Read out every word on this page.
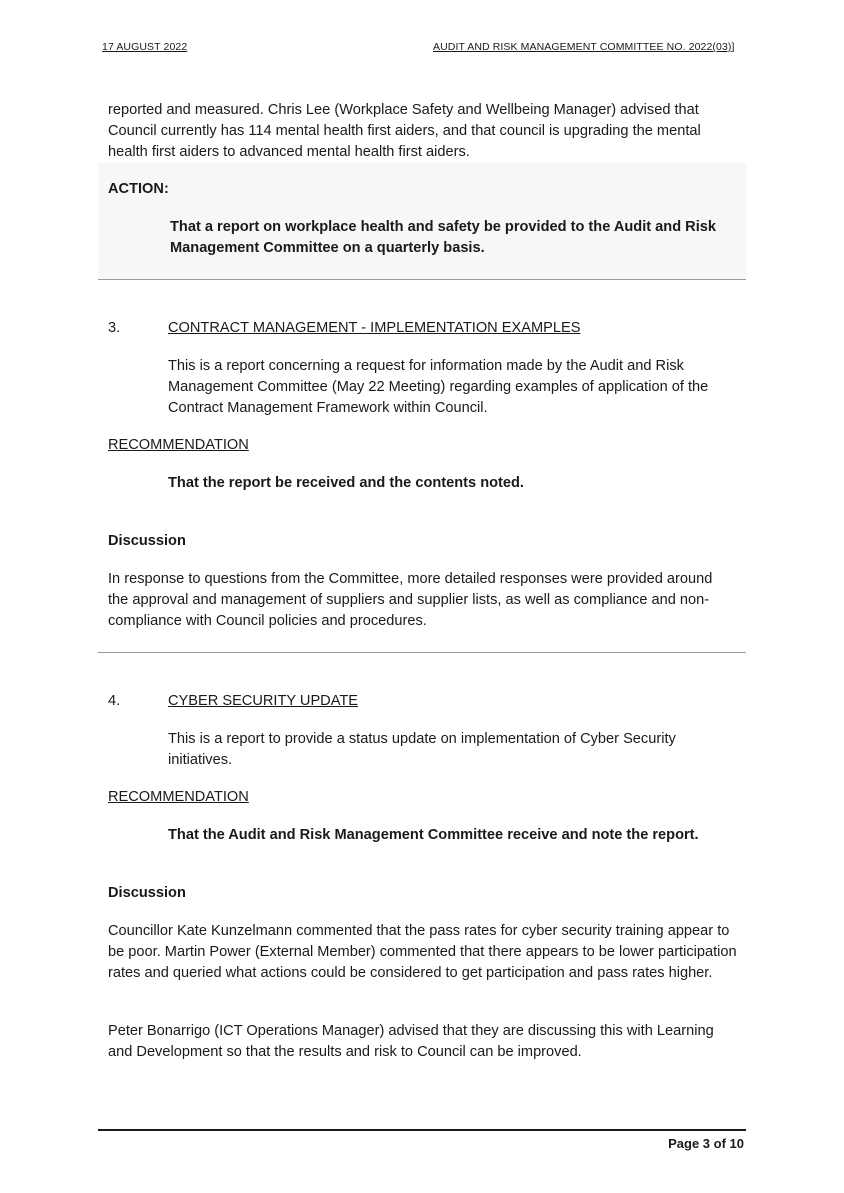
17 AUGUST 2022	AUDIT AND RISK MANAGEMENT COMMITTEE NO. 2022(03)]

reported and measured. Chris Lee (Workplace Safety and Wellbeing Manager) advised that Council currently has 114 mental health first aiders, and that council is upgrading the mental health first aiders to advanced mental health first aiders.

ACTION:

That a report on workplace health and safety be provided to the Audit and Risk Management Committee on a quarterly basis.

3.	CONTRACT MANAGEMENT - IMPLEMENTATION EXAMPLES

This is a report concerning a request for information made by the Audit and Risk Management Committee (May 22 Meeting) regarding examples of application of the Contract Management Framework within Council.

RECOMMENDATION
That the report be received and the contents noted.
Discussion

In response to questions from the Committee, more detailed responses were provided around the approval and management of suppliers and supplier lists, as well as compliance and non-compliance with Council policies and procedures.

4.	CYBER SECURITY UPDATE

This is a report to provide a status update on implementation of Cyber Security initiatives.

RECOMMENDATION
That the Audit and Risk Management Committee receive and note the report.
Discussion

Councillor Kate Kunzelmann commented that the pass rates for cyber security training appear to be poor. Martin Power (External Member) commented that there appears to be lower participation rates and queried what actions could be considered to get participation and pass rates higher.

Peter Bonarrigo (ICT Operations Manager) advised that they are discussing this with Learning and Development so that the results and risk to Council can be improved.

Page 3 of 10
